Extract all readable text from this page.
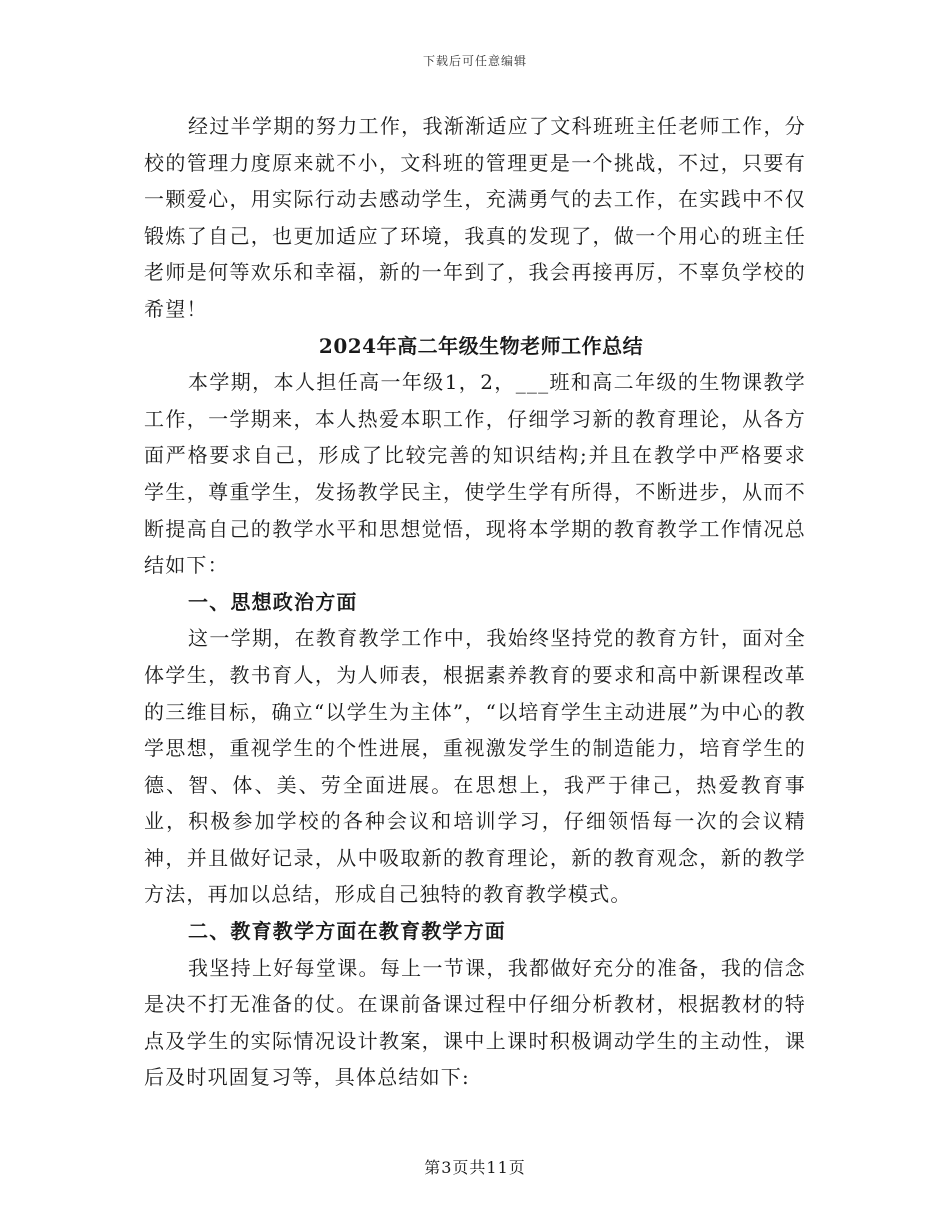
下载后可任意编辑

经过半学期的努力工作，我渐渐适应了文科班班主任老师工作，分校的管理力度原来就不小，文科班的管理更是一个挑战，不过，只要有一颗爱心，用实际行动去感动学生，充满勇气的去工作，在实践中不仅锻炼了自己，也更加适应了环境，我真的发现了，做一个用心的班主任老师是何等欢乐和幸福，新的一年到了，我会再接再厉，不辜负学校的希望！

2024年高二年级生物老师工作总结

本学期，本人担任高一年级1，2，___班和高二年级的生物课教学工作，一学期来，本人热爱本职工作，仔细学习新的教育理论，从各方面严格要求自己，形成了比较完善的知识结构;并且在教学中严格要求学生，尊重学生，发扬教学民主，使学生学有所得，不断进步，从而不断提高自己的教学水平和思想觉悟，现将本学期的教育教学工作情况总结如下：

一、思想政治方面

这一学期，在教育教学工作中，我始终坚持党的教育方针，面对全体学生，教书育人，为人师表，根据素养教育的要求和高中新课程改革的三维目标，确立“以学生为主体”，“以培育学生主动进展”为中心的教学思想，重视学生的个性进展，重视激发学生的制造能力，培育学生的德、智、体、美、劳全面进展。在思想上，我严于律己，热爱教育事业，积极参加学校的各种会议和培训学习，仔细领悟每一次的会议精神，并且做好记录，从中吸取新的教育理论，新的教育观念，新的教学方法，再加以总结，形成自己独特的教育教学模式。

二、教育教学方面在教育教学方面

我坚持上好每堂课。每上一节课，我都做好充分的准备，我的信念是决不打无准备的仗。在课前备课过程中仔细分析教材，根据教材的特点及学生的实际情况设计教案，课中上课时积极调动学生的主动性，课后及时巩固复习等，具体总结如下:

第3页共11页
